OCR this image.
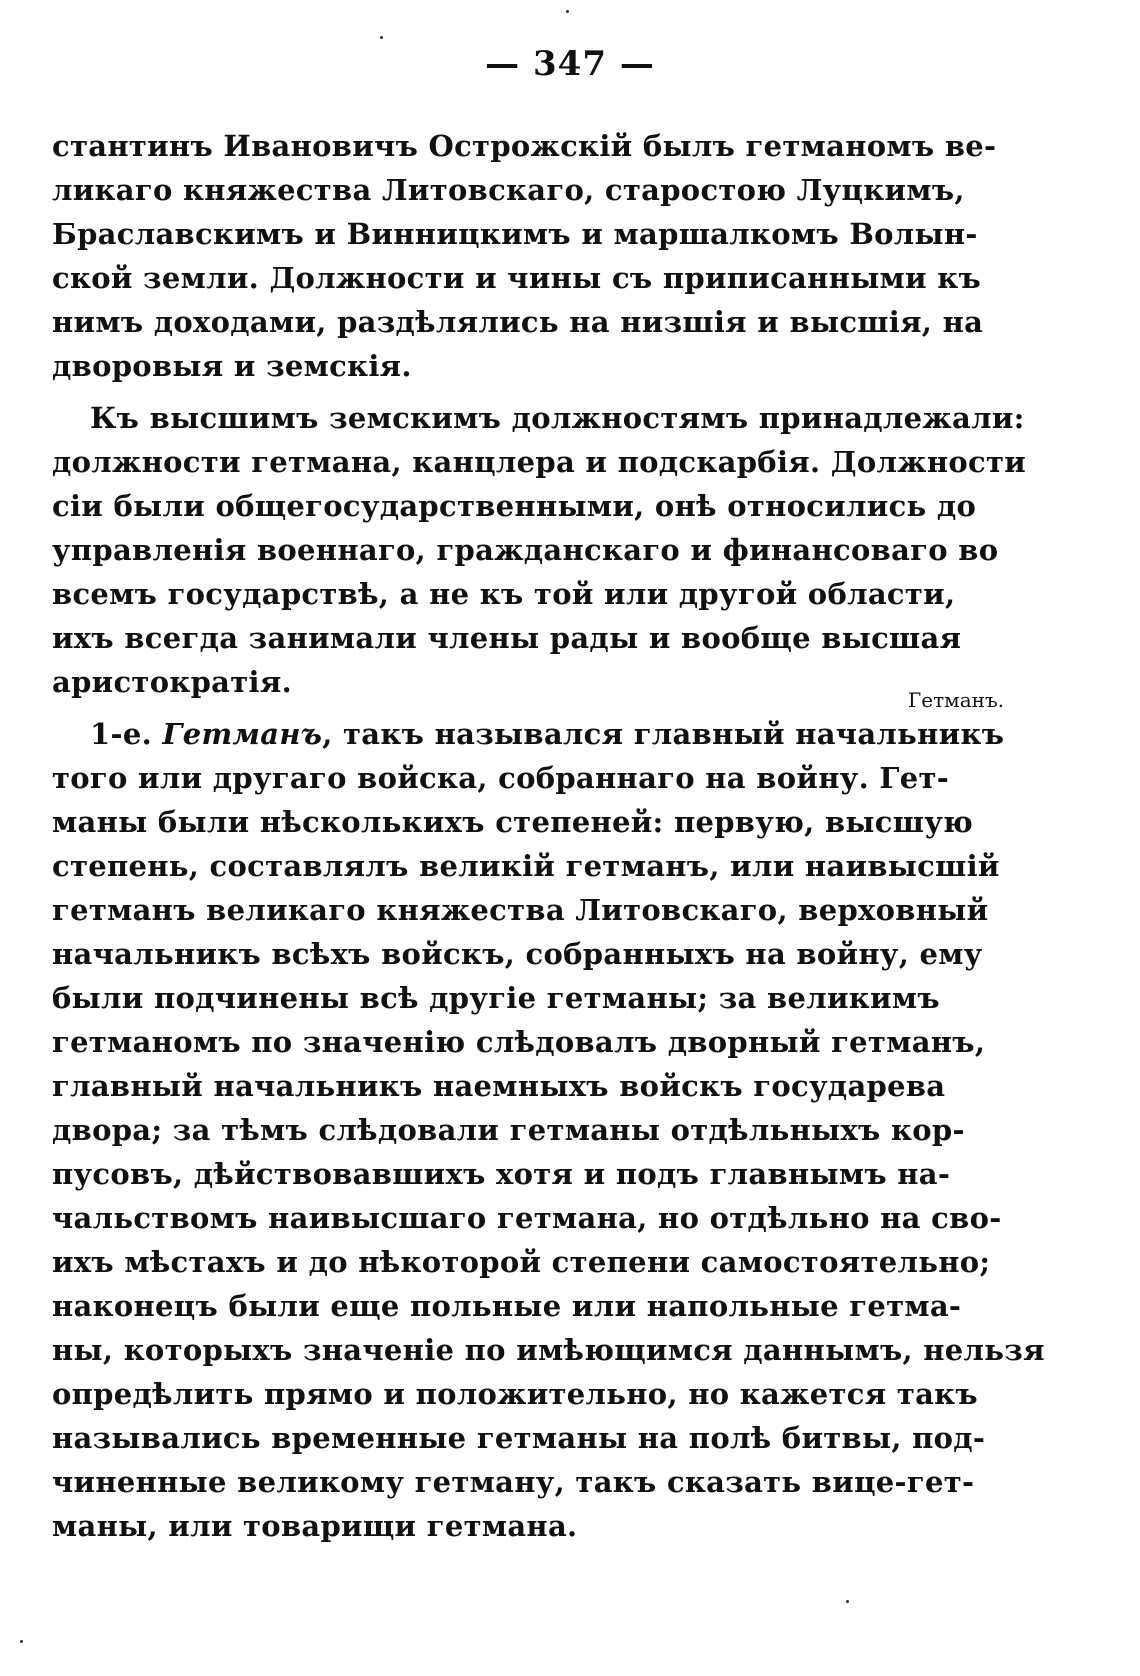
— 347 —
стантинъ Ивановичъ Острожскій былъ гетманомъ ве-
ликаго княжества Литовскаго, старостою Луцкимъ,
Браславскимъ и Винницкимъ и маршалкомъ Волын-
ской земли. Должности и чины съ приписанными къ
нимъ доходами, раздѣлялись на низшія и высшія, на
дворовыя и земскія.
Къ высшимъ земскимъ должностямъ принадлежали:
должности гетмана, канцлера и подскарбія. Должности
сіи были общегосударственными, онѣ относились до
управленія военнаго, гражданскаго и финансоваго во
всемъ государствѣ, а не къ той или другой области,
ихъ всегда занимали члены рады и вообще высшая
аристократія.
1-е. Гетманъ, такъ назывался главный начальникъ
того или другаго войска, собраннаго на войну. Гет-
маны были нѣсколькихъ степеней: первую, высшую
степень, составлялъ великій гетманъ, или наивысшій
гетманъ великаго княжества Литовскаго, верховный
начальникъ всѣхъ войскъ, собранныхъ на войну, ему
были подчинены всѣ другіе гетманы; за великимъ
гетманомъ по значенію слѣдовалъ дворный гетманъ,
главный начальникъ наемныхъ войскъ государева
двора; за тѣмъ слѣдовали гетманы отдѣльныхъ кор-
пусовъ, дѣйствовавшихъ хотя и подъ главнымъ на-
чальствомъ наивысшаго гетмана, но отдѣльно на сво-
ихъ мѣстахъ и до нѣкоторой степени самостоятельно;
наконецъ были еще польные или напольные гетма-
ны, которыхъ значеніе по имѣющимся даннымъ, нельзя
опредѣлить прямо и положительно, но кажется такъ
назывались временные гетманы на полѣ битвы, под-
чиненные великому гетману, такъ сказать вице-гет-
маны, или товарищи гетмана.
Гетманъ.
